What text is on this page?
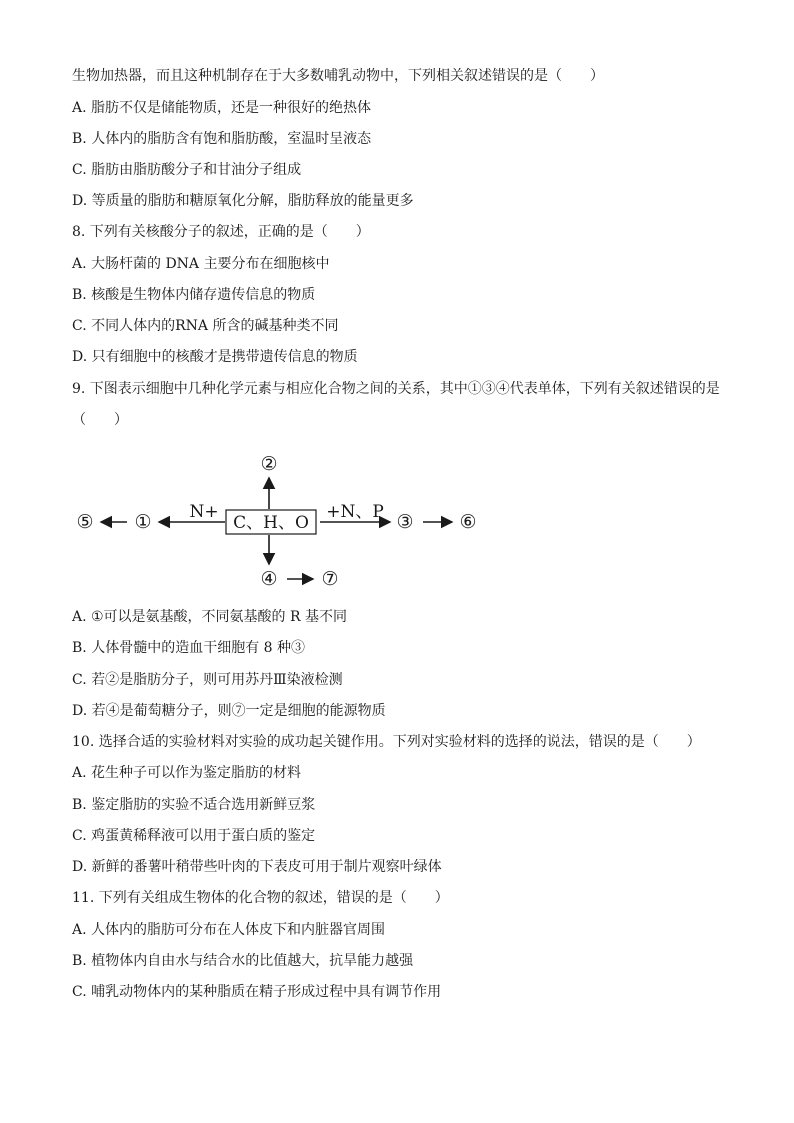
生物加热器，而且这种机制存在于大多数哺乳动物中，下列相关叙述错误的是（　　）
A. 脂肪不仅是储能物质，还是一种很好的绝热体
B. 人体内的脂肪含有饱和脂肪酸，室温时呈液态
C. 脂肪由脂肪酸分子和甘油分子组成
D. 等质量的脂肪和糖原氧化分解，脂肪释放的能量更多
8. 下列有关核酸分子的叙述，正确的是（　　）
A. 大肠杆菌的 DNA 主要分布在细胞核中
B. 核酸是生物体内储存遗传信息的物质
C. 不同人体内的RNA 所含的碱基种类不同
D. 只有细胞中的核酸才是携带遗传信息的物质
9. 下图表示细胞中几种化学元素与相应化合物之间的关系，其中①③④代表单体，下列有关叙述错误的是
（　　）
C、H、O
②
④ ⑦
N+
①
⑤	+N、P ③ ⑥
A. ①可以是氨基酸，不同氨基酸的 R 基不同
B. 人体骨髓中的造血干细胞有 8 种③
C. 若②是脂肪分子，则可用苏丹Ⅲ染液检测
D. 若④是葡萄糖分子，则⑦一定是细胞的能源物质
10. 选择合适的实验材料对实验的成功起关键作用。下列对实验材料的选择的说法，错误的是（　　）
A. 花生种子可以作为鉴定脂肪的材料
B. 鉴定脂肪的实验不适合选用新鲜豆浆
C. 鸡蛋黄稀释液可以用于蛋白质的鉴定
D. 新鲜的番薯叶稍带些叶肉的下表皮可用于制片观察叶绿体
11. 下列有关组成生物体的化合物的叙述，错误的是（　　）
A. 人体内的脂肪可分布在人体皮下和内脏器官周围
B. 植物体内自由水与结合水的比值越大，抗旱能力越强
C. 哺乳动物体内的某种脂质在精子形成过程中具有调节作用
